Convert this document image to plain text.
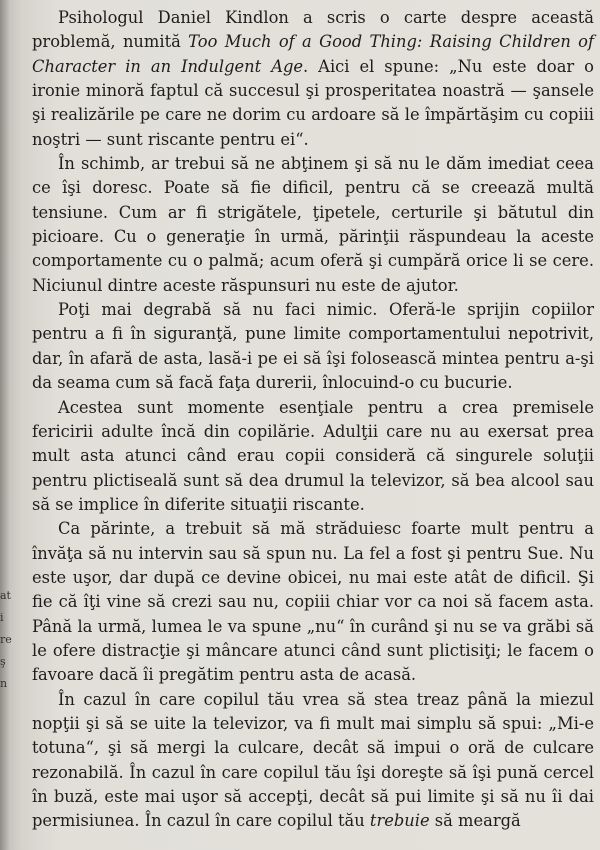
at
i
re
ş
n

Psihologul Daniel Kindlon a scris o carte despre această problemă, numită Too Much of a Good Thing: Raising Children of Character in an Indulgent Age. Aici el spune: „Nu este doar o ironie minoră faptul că succesul şi prosperitatea noastră — şansele şi realizările pe care ne dorim cu ardoare să le împărtăşim cu copiii noştri — sunt riscante pentru ei“.

În schimb, ar trebui să ne abţinem şi să nu le dăm imediat ceea ce îşi doresc. Poate să fie dificil, pentru că se creează multă tensiune. Cum ar fi strigătele, ţipetele, certurile şi bătutul din picioare. Cu o generaţie în urmă, părinţii răspundeau la aceste comportamente cu o palmă; acum oferă şi cumpără orice li se cere. Niciunul dintre aceste răspunsuri nu este de ajutor.

Poţi mai degrabă să nu faci nimic. Oferă-le sprijin copiilor pentru a fi în siguranţă, pune limite comportamentului nepotrivit, dar, în afară de asta, lasă-i pe ei să îşi folosească mintea pentru a-şi da seama cum să facă faţa durerii, înlocuind-o cu bucurie.

Acestea sunt momente esenţiale pentru a crea premisele fericirii adulte încă din copilărie. Adulţii care nu au exersat prea mult asta atunci când erau copii consideră că singurele soluţii pentru plictiseală sunt să dea drumul la televizor, să bea alcool sau să se implice în diferite situaţii riscante.

Ca părinte, a trebuit să mă străduiesc foarte mult pentru a învăţa să nu intervin sau să spun nu. La fel a fost şi pentru Sue. Nu este uşor, dar după ce devine obicei, nu mai este atât de dificil. Şi fie că îţi vine să crezi sau nu, copiii chiar vor ca noi să facem asta. Până la urmă, lumea le va spune „nu“ în curând şi nu se va grăbi să le ofere distracţie şi mâncare atunci când sunt plictisiţi; le facem o favoare dacă îi pregătim pentru asta de acasă.

În cazul în care copilul tău vrea să stea treaz până la miezul nopţii şi să se uite la televizor, va fi mult mai simplu să spui: „Mi-e totuna“, şi să mergi la culcare, decât să impui o oră de culcare rezonabilă. În cazul în care copilul tău îşi doreşte să îşi pună cercel în buză, este mai uşor să accepţi, decât să pui limite şi să nu îi dai permisiunea. În cazul în care copilul tău trebuie să meargă
